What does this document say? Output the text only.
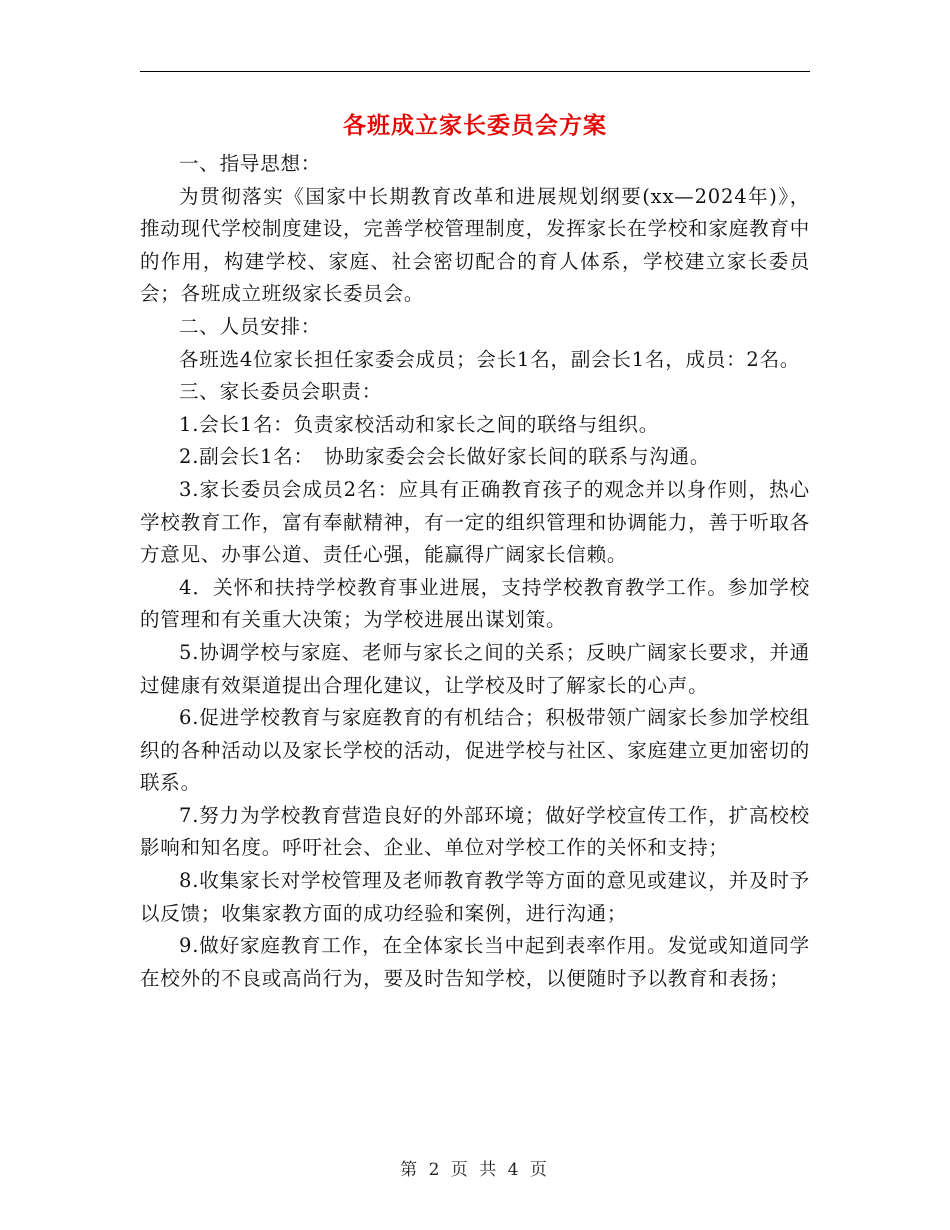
各班成立家长委员会方案

一、指导思想：

为贯彻落实《国家中长期教育改革和进展规划纲要(xx—2024年)》，推动现代学校制度建设，完善学校管理制度，发挥家长在学校和家庭教育中的作用，构建学校、家庭、社会密切配合的育人体系，学校建立家长委员会；各班成立班级家长委员会。

二、人员安排：

各班选4位家长担任家委会成员；会长1名，副会长1名，成员：2名。

三、家长委员会职责：

1.会长1名：负责家校活动和家长之间的联络与组织。

2.副会长1名：　协助家委会会长做好家长间的联系与沟通。

3.家长委员会成员2名：应具有正确教育孩子的观念并以身作则，热心学校教育工作，富有奉献精神，有一定的组织管理和协调能力，善于听取各方意见、办事公道、责任心强，能赢得广阔家长信赖。

4．关怀和扶持学校教育事业进展，支持学校教育教学工作。参加学校的管理和有关重大决策；为学校进展出谋划策。

5.协调学校与家庭、老师与家长之间的关系；反映广阔家长要求，并通过健康有效渠道提出合理化建议，让学校及时了解家长的心声。

6.促进学校教育与家庭教育的有机结合；积极带领广阔家长参加学校组织的各种活动以及家长学校的活动，促进学校与社区、家庭建立更加密切的联系。

7.努力为学校教育营造良好的外部环境；做好学校宣传工作，扩高校校影响和知名度。呼吁社会、企业、单位对学校工作的关怀和支持；

8.收集家长对学校管理及老师教育教学等方面的意见或建议，并及时予以反馈；收集家教方面的成功经验和案例，进行沟通；

9.做好家庭教育工作，在全体家长当中起到表率作用。发觉或知道同学在校外的不良或高尚行为，要及时告知学校，以便随时予以教育和表扬；

第 2 页 共 4 页
